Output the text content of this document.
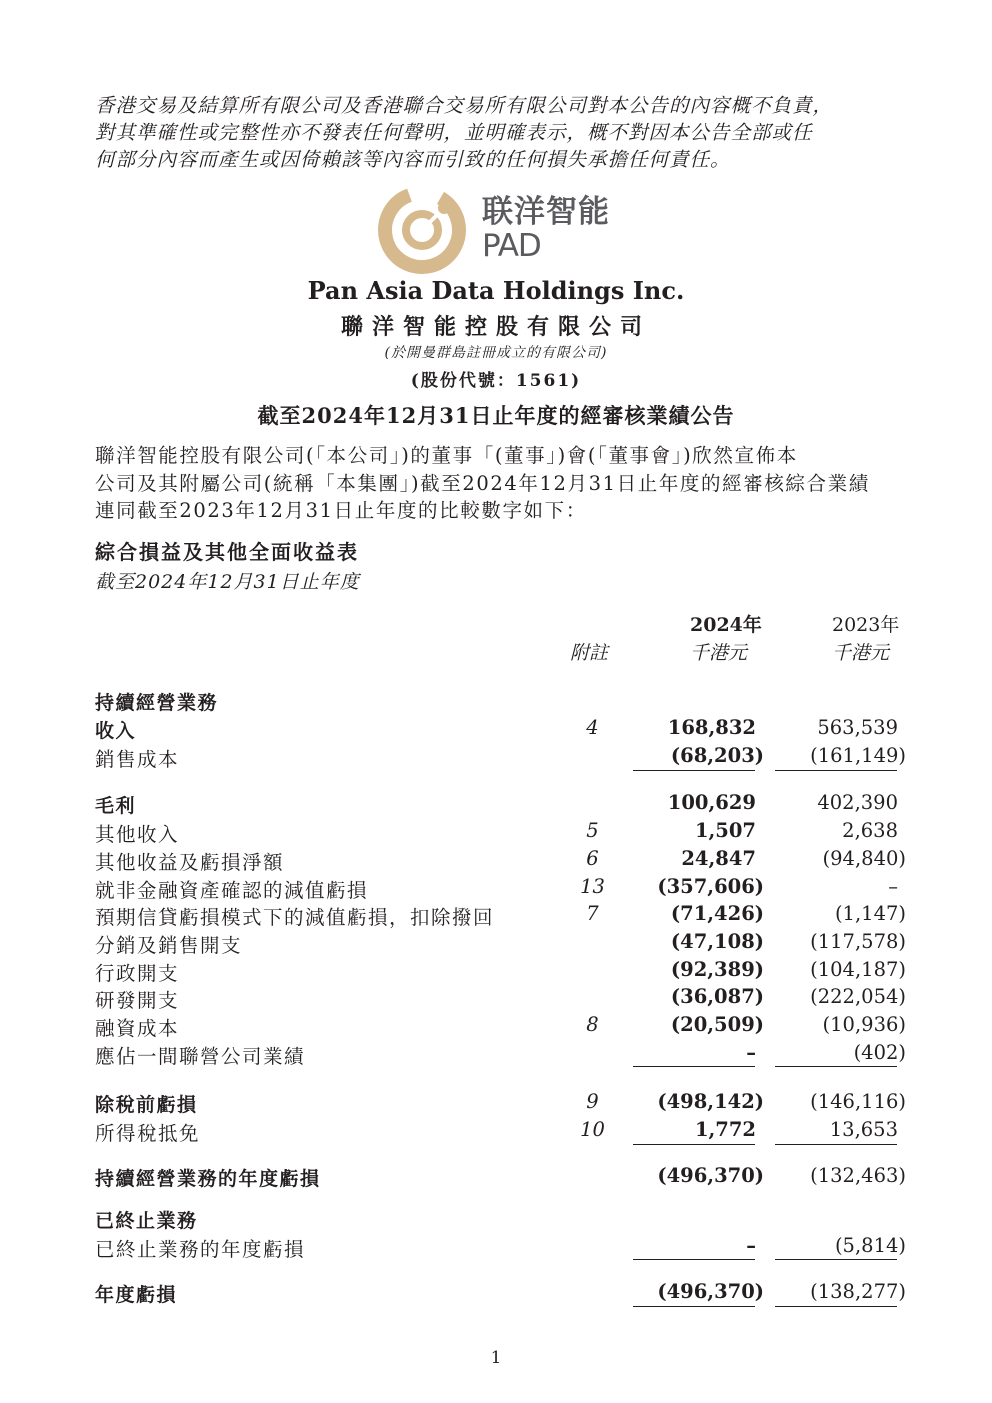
香港交易及結算所有限公司及香港聯合交易所有限公司對本公告的內容概不負責，
對其準確性或完整性亦不發表任何聲明，並明確表示，概不對因本公告全部或任
何部分內容而產生或因倚賴該等內容而引致的任何損失承擔任何責任。
联洋智能
PAD
Pan Asia Data Holdings Inc.
聯洋智能控股有限公司
(於開曼群島註冊成立的有限公司)
(股份代號：1561)
截至2024年12月31日止年度的經審核業績公告
聯洋智能控股有限公司(「本公司」)的董事「(董事」)會(「董事會」)欣然宣佈本
公司及其附屬公司(統稱「本集團」)截至2024年12月31日止年度的經審核綜合業績
連同截至2023年12月31日止年度的比較數字如下：
綜合損益及其他全面收益表
截至2024年12月31日止年度
2024年	2023年
附註	千港元	千港元
持續經營業務
收入	4	168,832	563,539
銷售成本	(68,203) (161,149)
毛利	100,629	402,390
其他收入	5	1,507	2,638
其他收益及虧損淨額	6	24,847	(94,840)
就非金融資產確認的減值虧損	13	(357,606)	–
預期信貸虧損模式下的減值虧損，扣除撥回	7	(71,426)	(1,147)
分銷及銷售開支	(47,108) (117,578)
行政開支	(92,389) (104,187)
研發開支	(36,087) (222,054)
融資成本	8	(20,509)	(10,936)
應佔一間聯營公司業績	–	(402)
除稅前虧損	9	(498,142) (146,116)
所得稅抵免	10	1,772	13,653
持續經營業務的年度虧損	(496,370) (132,463)
已終止業務
已終止業務的年度虧損	–	(5,814)
年度虧損	(496,370) (138,277)
1
